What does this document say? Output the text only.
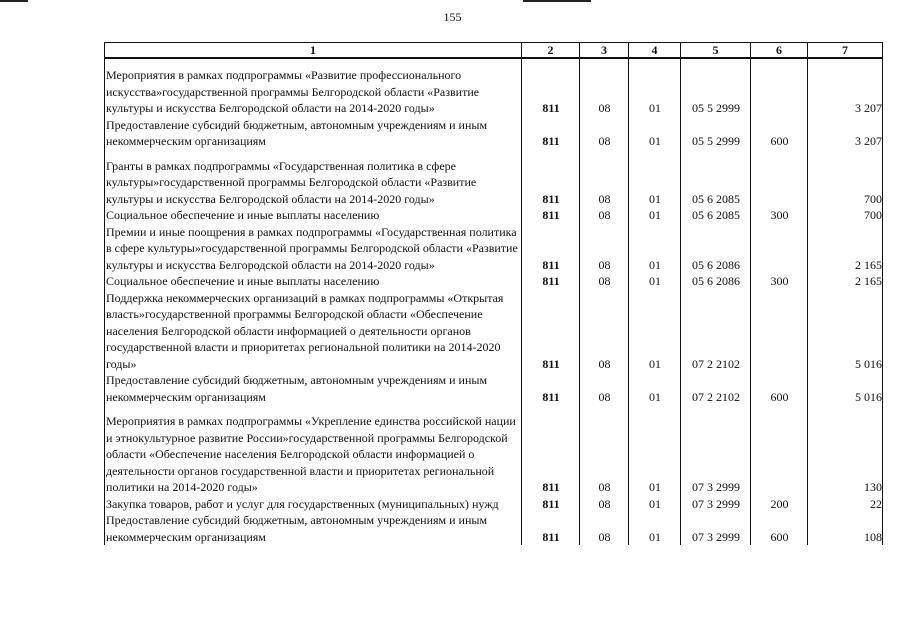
155
1	2	3	4	5	6	7

Мероприятия в рамках подпрограммы «Развитие профессионального искусства»государственной программы Белгородской области «Развитие культуры и искусства Белгородской области на 2014-2020 годы»	811	08	01	05 5 2999		3 207
Предоставление субсидий бюджетным, автономным учреждениям и иным некоммерческим организациям	811	08	01	05 5 2999	600	3 207

Гранты в рамках подпрограммы «Государственная политика в сфере культуры»государственной программы Белгородской области «Развитие культуры и искусства Белгородской области на 2014-2020 годы»	811	08	01	05 6 2085		700
Социальное обеспечение и иные выплаты населению	811	08	01	05 6 2085	300	700
Премии и иные поощрения в рамках подпрограммы «Государственная политика в сфере культуры»государственной программы Белгородской области «Развитие культуры и искусства Белгородской области на 2014-2020 годы»	811	08	01	05 6 2086		2 165
Социальное обеспечение и иные выплаты населению	811	08	01	05 6 2086	300	2 165
Поддержка некоммерческих организаций в рамках подпрограммы «Открытая власть»государственной программы Белгородской области «Обеспечение населения Белгородской области информацией о деятельности органов государственной власти и приоритетах региональной политики на 2014-2020 годы»	811	08	01	07 2 2102		5 016
Предоставление субсидий бюджетным, автономным учреждениям и иным некоммерческим организациям	811	08	01	07 2 2102	600	5 016

Мероприятия в рамках подпрограммы «Укрепление единства российской нации и этнокультурное развитие России»государственной программы Белгородской области «Обеспечение населения Белгородской области информацией о деятельности органов государственной власти и приоритетах региональной политики на 2014-2020 годы»	811	08	01	07 3 2999		130
Закупка товаров, работ и услуг для государственных (муниципальных) нужд	811	08	01	07 3 2999	200	22
Предоставление субсидий бюджетным, автономным учреждениям и иным некоммерческим организациям	811	08	01	07 3 2999	600	108
